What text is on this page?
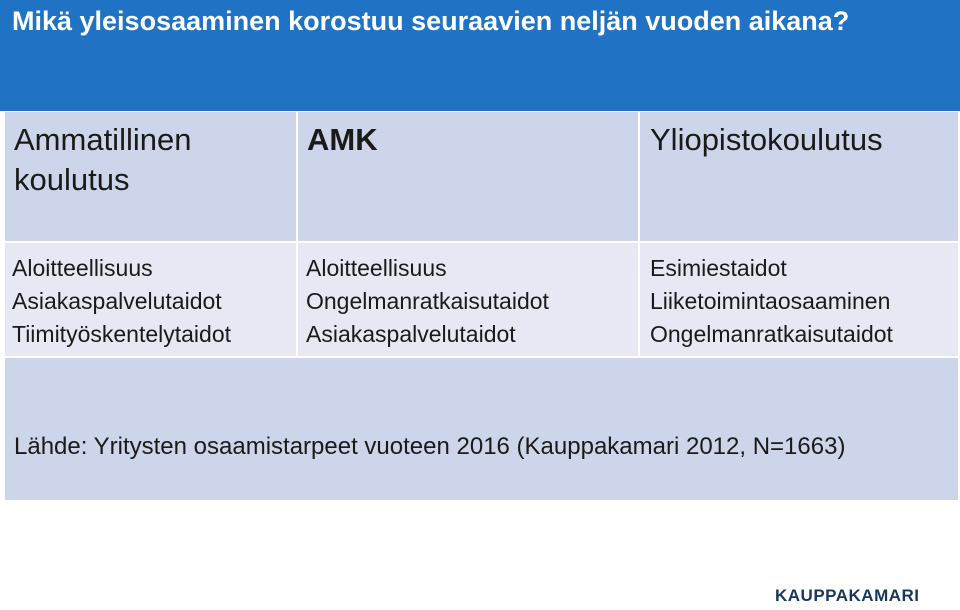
Mikä yleisosaaminen korostuu seuraavien neljän vuoden aikana?
Ammatillinen
koulutus
AMK	Yliopistokoulutus
Aloitteellisuus
Asiakaspalvelutaidot
Tiimityöskentelytaidot
Aloitteellisuus
Ongelmanratkaisutaidot
Asiakaspalvelutaidot
Esimiestaidot
Liiketoimintaosaaminen
Ongelmanratkaisutaidot
Lähde: Yritysten osaamistarpeet vuoteen 2016 (Kauppakamari 2012, N=1663)
KAUPPAKAMARI
